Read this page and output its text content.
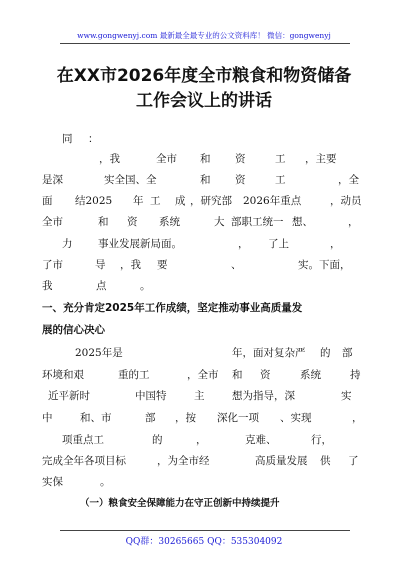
www.gongwenyj.com 最新最全最专业的公文资料库！ 微信：gongwenyj
在XX市2026年度全市粮食和物资储备
工作会议上的讲话
同 ：
，我	全市 和 资	工 ，主要
是深	实全国、全	和 资	工	，全
面 结2025 年 工 成 ，研究部 2026年重点	，动员
全市	和 资 系统	大 部职工统一 想、	，
力 事业发展新局面。	， 了上	，
了市	导 ，我 要	、	实。下面，
我	点	。
一、充分肯定2025年工作成绩，坚定推动事业高质量发
展的信心决心
2025年是	年，面对复杂严 的 部
环境和艰	重的工	，全市 和 资	系统	持
近平新时	中国特	主	想为指导，深	实
中	和、市	部 ，按 深化一项 、实现	，
项重点工	的	，	克难、	行，
完成全年各项目标	，为全市经	高质量发展 供 了
实保	。
（一）粮食安全保障能力在守正创新中持续提升
QQ群：30265665 QQ：535304092
